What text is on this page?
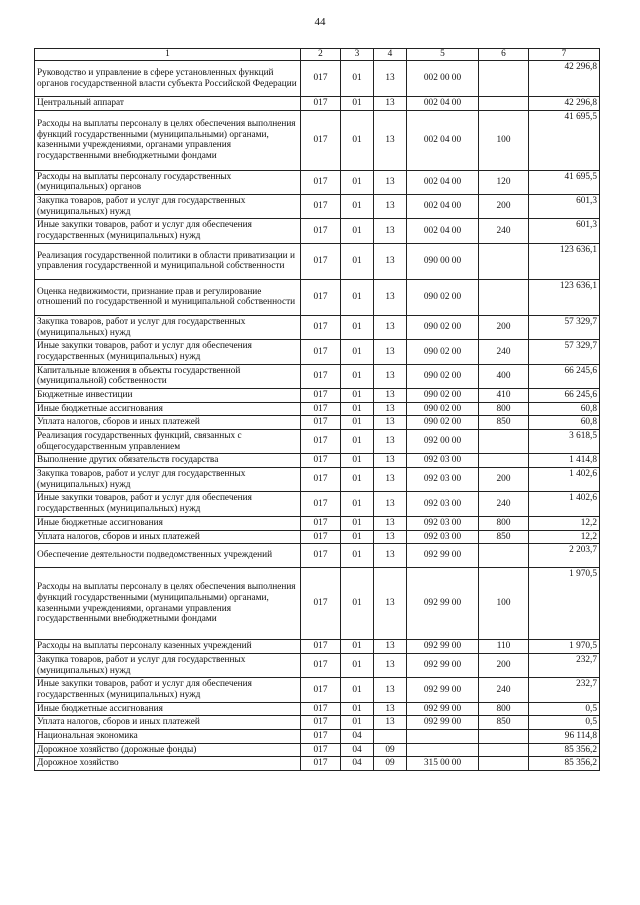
44
1	2	3	4	5	6	7
Руководство и управление в сфере установленных функций органов государственной власти субъекта Российской Федерации	017	01	13	002 00 00		42 296,8
Центральный аппарат	017	01	13	002 04 00		42 296,8
Расходы на выплаты персоналу в целях обеспечения выполнения функций государственными (муниципальными) органами, казенными учреждениями, органами управления государственными внебюджетными фондами	017	01	13	002 04 00	100	41 695,5
Расходы на выплаты персоналу государственных (муниципальных) органов	017	01	13	002 04 00	120	41 695,5
Закупка товаров, работ и услуг для государственных (муниципальных) нужд	017	01	13	002 04 00	200	601,3
Иные закупки товаров, работ и услуг для обеспечения государственных (муниципальных) нужд	017	01	13	002 04 00	240	601,3
Реализация государственной политики в области приватизации и управления государственной и муниципальной собственности	017	01	13	090 00 00		123 636,1
Оценка недвижимости, признание прав и регулирование отношений по государственной и муниципальной собственности	017	01	13	090 02 00		123 636,1
Закупка товаров, работ и услуг для государственных (муниципальных) нужд	017	01	13	090 02 00	200	57 329,7
Иные закупки товаров, работ и услуг для обеспечения государственных (муниципальных) нужд	017	01	13	090 02 00	240	57 329,7
Капитальные вложения в объекты государственной (муниципальной) собственности	017	01	13	090 02 00	400	66 245,6
Бюджетные инвестиции	017	01	13	090 02 00	410	66 245,6
Иные бюджетные ассигнования	017	01	13	090 02 00	800	60,8
Уплата налогов, сборов и иных платежей	017	01	13	090 02 00	850	60,8
Реализация государственных функций, связанных с общегосударственным управлением	017	01	13	092 00 00		3 618,5
Выполнение других обязательств государства	017	01	13	092 03 00		1 414,8
Закупка товаров, работ и услуг для государственных (муниципальных) нужд	017	01	13	092 03 00	200	1 402,6
Иные закупки товаров, работ и услуг для обеспечения государственных (муниципальных) нужд	017	01	13	092 03 00	240	1 402,6
Иные бюджетные ассигнования	017	01	13	092 03 00	800	12,2
Уплата налогов, сборов и иных платежей	017	01	13	092 03 00	850	12,2
Обеспечение деятельности подведомственных учреждений	017	01	13	092 99 00		2 203,7
Расходы на выплаты персоналу в целях обеспечения выполнения функций государственными (муниципальными) органами, казенными учреждениями, органами управления государственными внебюджетными фондами	017	01	13	092 99 00	100	1 970,5
Расходы на выплаты персоналу казенных учреждений	017	01	13	092 99 00	110	1 970,5
Закупка товаров, работ и услуг для государственных (муниципальных) нужд	017	01	13	092 99 00	200	232,7
Иные закупки товаров, работ и услуг для обеспечения государственных (муниципальных) нужд	017	01	13	092 99 00	240	232,7
Иные бюджетные ассигнования	017	01	13	092 99 00	800	0,5
Уплата налогов, сборов и иных платежей	017	01	13	092 99 00	850	0,5
Национальная экономика	017	04				96 114,8
Дорожное хозяйство (дорожные фонды)	017	04	09			85 356,2
Дорожное хозяйство	017	04	09	315 00 00		85 356,2
